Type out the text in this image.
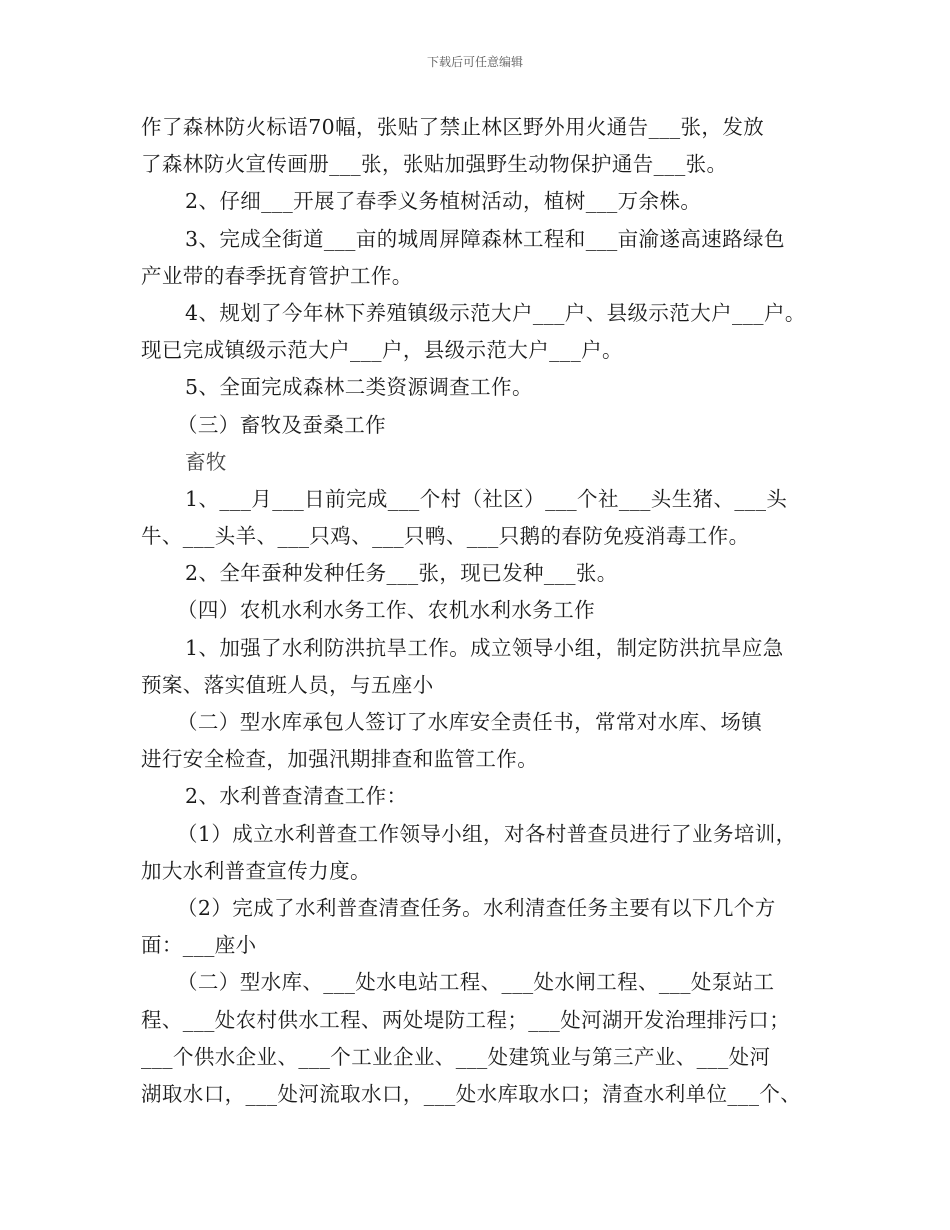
下载后可任意编辑
作了森林防火标语70幅，张贴了禁止林区野外用火通告___张，发放
了森林防火宣传画册___张，张贴加强野生动物保护通告___张。
2、仔细___开展了春季义务植树活动，植树___万余株。
3、完成全街道___亩的城周屏障森林工程和___亩渝遂高速路绿色
产业带的春季抚育管护工作。
4、规划了今年林下养殖镇级示范大户___户、县级示范大户___户。
现已完成镇级示范大户___户，县级示范大户___户。
5、全面完成森林二类资源调查工作。
（三）畜牧及蚕桑工作
畜牧
1、___月___日前完成___个村（社区）___个社___头生猪、___头
牛、___头羊、___只鸡、___只鸭、___只鹅的春防免疫消毒工作。
2、全年蚕种发种任务___张，现已发种___张。
（四）农机水利水务工作、农机水利水务工作
1、加强了水利防洪抗旱工作。成立领导小组，制定防洪抗旱应急
预案、落实值班人员，与五座小
（二）型水库承包人签订了水库安全责任书，常常对水库、场镇
进行安全检查，加强汛期排查和监管工作。
2、水利普查清查工作：
（1）成立水利普查工作领导小组，对各村普查员进行了业务培训，
加大水利普查宣传力度。
（2）完成了水利普查清查任务。水利清查任务主要有以下几个方
面：___座小
（二）型水库、___处水电站工程、___处水闸工程、___处泵站工
程、___处农村供水工程、两处堤防工程；___处河湖开发治理排污口；
___个供水企业、___个工业企业、___处建筑业与第三产业、___处河
湖取水口，___处河流取水口，___处水库取水口；清查水利单位___个、
